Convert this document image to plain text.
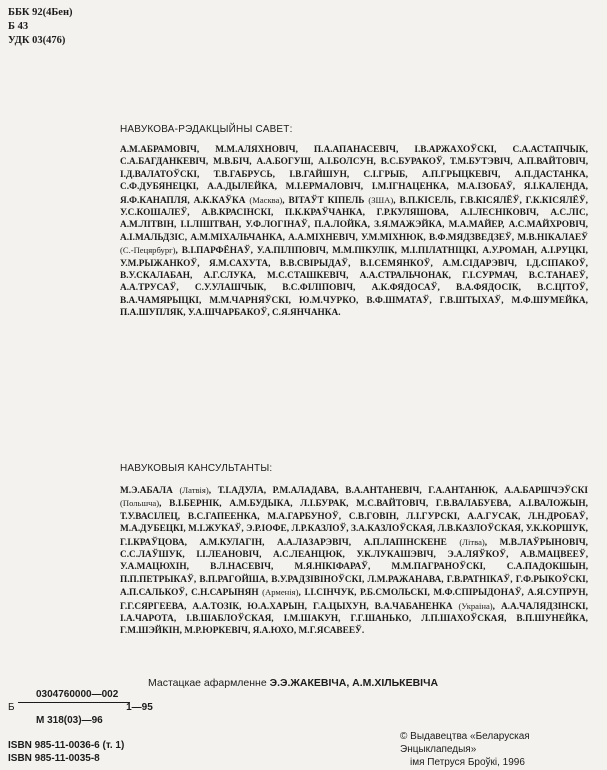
ББК 92(4Бен)
Б 43
УДК 03(476)
НАВУКОВА-РЭДАКЦЫЙНЫ САВЕТ:
А.М.АБРАМОВІЧ, М.М.АЛЯХНОВІЧ, П.А.АПАНАСЕВІЧ, І.В.АРЖАХОЎСКІ, С.А.АСТАПЧЫК, С.А.БАГДАНКЕВІЧ, М.В.БІЧ, А.А.БОГУШ, А.І.БОЛСУН, В.С.БУРАКОЎ, Т.М.БУТЭВІЧ, А.П.ВАЙТОВІЧ, І.Д.ВАЛАТОЎСКІ, Т.В.ГАБРУСЬ, І.В.ГАЙШУН, С.І.ГРЫБ, А.П.ГРЫЦКЕВІЧ, А.П.ДАСТАНКА, С.Ф.ДУБЯНЕЦКІ, А.А.ДЫЛЕЙКА, М.І.ЕРМАЛОВІЧ, І.М.ІГНАЦЕНКА, М.А.ІЗОБАЎ, Я.І.КАЛЕНДА, Я.Ф.КАНАПЛЯ, А.К.КАЎКА (Масква), ВІТАЎТ КІПЕЛЬ (ЗША), В.П.КІСЕЛЬ, Г.В.КІСЯЛЁЎ, Г.К.КІСЯЛЁЎ, У.С.КОШАЛЕЎ, А.В.КРАСІНСКІ, П.К.КРАЎЧАНКА, Г.Р.КУЛЯШОВА, А.І.ЛЕСНІКОВІЧ, А.С.ЛІС, А.М.ЛІТВІН, І.І.ЛІШТВАН, У.Ф.ЛОГІНАЎ, П.А.ЛОЙКА, З.Я.МАЖЭЙКА, М.А.МАЙЕР, А.С.МАЙХРОВІЧ, А.І.МАЛЬДЗІС, А.М.МІХАЛЬЧАНКА, А.А.МІХНЕВІЧ, У.М.МІХНЮК, В.Ф.МЯДЗВЕДЗЕЎ, М.В.НІКАЛАЕЎ (С.-Пецярбург), В.І.ПАРФЁНАЎ, У.А.ПІЛІПОВІЧ, М.М.ПІКУЛІК, М.І.ПІЛАТНІЦКІ, А.У.РОМАН, А.І.РУЦКІ, У.М.РЫЖАНКОЎ, Я.М.САХУТА, В.В.СВІРЫДАЎ, В.І.СЕМЯНКОЎ, А.М.СІДАРЭВІЧ, І.Д.СІПАКОЎ, В.У.СКАЛАБАН, А.Г.СЛУКА, М.С.СТАШКЕВІЧ, А.А.СТРАЛЬЧОНАК, Г.І.СУРМАЧ, В.С.ТАНАЕЎ, А.А.ТРУСАЎ, С.У.УЛАШЧЫК, В.С.ФІЛІПОВІЧ, А.К.ФЯДОСАЎ, В.А.ФЯДОСІК, В.С.ЦІТОЎ, В.А.ЧАМЯРЫЦКІ, М.М.ЧАРНЯЎСКІ, Ю.М.ЧУРКО, В.Ф.ШМАТАЎ, Г.В.ШТЫХАЎ, М.Ф.ШУМЕЙКА, П.А.ШУПЛЯК, У.А.ШЧАРБАКОЎ, С.Я.ЯНЧАНКА.
НАВУКОВЫЯ КАНСУЛЬТАНТЫ:
М.Э.АБАЛА (Латвія), Т.І.АДУЛА, Р.М.АЛАДАВА, В.А.АНТАНЕВІЧ, Г.А.АНТАНЮК, А.А.БАРШЧЭЎСКІ (Польшча), В.І.БЕРНІК, А.М.БУДЫКА, Л.І.БУРАК, М.С.ВАЙТОВІЧ, Г.В.ВАЛАБУЕВА, А.І.ВАЛОЖЫН, Т.У.ВАСІЛЕЦ, В.С.ГАПЕЕНКА, М.А.ГАРБУНОЎ, С.В.ГОВІН, Л.І.ГУРСКІ, А.А.ГУСАК, Л.Н.ДРОБАЎ, М.А.ДУБЕЦКІ, М.І.ЖУКАЎ, Э.Р.ІОФЕ, Л.Р.КАЗЛОЎ, З.А.КАЗЛОЎСКАЯ, Л.В.КАЗЛОЎСКАЯ, У.К.КОРШУК, Г.І.КРАЎЦОВА, А.М.КУЛАГІН, А.А.ЛАЗАРЭВІЧ, А.П.ЛАПІНСКЕНЕ (Літва), М.В.ЛАЎРЫНОВІЧ, С.С.ЛАЎШУК, І.І.ЛЕАНОВІЧ, А.С.ЛЕАНЦЮК, У.К.ЛУКАШЭВІЧ, Э.А.ЛЯЎКОЎ, А.В.МАЦВЕЕЎ, У.А.МАЦЮХІН, В.Л.НАСЕВІЧ, М.Я.НІКІФАРАЎ, М.М.ПАГРАНОЎСКІ, С.А.ПАДОКШЫН, П.П.ПЕТРЫКАЎ, В.П.РАГОЙША, В.У.РАДЗІВІНОЎСКІ, Л.М.РАЖАНАВА, Г.В.РАТНІКАЎ, Г.Ф.РЫКОЎСКІ, А.П.САЛЬКОЎ, С.Н.САРЫНЯН (Арменія), І.І.СІНЧУК, Р.Б.СМОЛЬСКІ, М.Ф.СПІРЫДОНАЎ, А.Я.СУПРУН, Г.Г.СЯРГЕЕВА, А.А.ТОЗІК, Ю.А.ХАРЫН, Г.А.ЦЫХУН, В.А.ЧАБАНЕНКА (Украіна), А.А.ЧАЛЯДЗІНСКІ, І.А.ЧАРОТА, І.В.ШАБЛОЎСКАЯ, І.М.ШАКУН, Г.Г.ШАНЬКО, Л.П.ШАХОЎСКАЯ, В.П.ШУНЕЙКА, Г.М.ШЭЙКІН, М.Р.ЮРКЕВІЧ, Я.А.ЮХО, М.Г.ЯСАВЕЕЎ.
Мастацкае афармленне Э.Э.ЖАКЕВІЧА, А.М.ХІЛЬКЕВІЧА
0304760000—002
Б	1—95
М 318(03)—96
ISBN 985-11-0036-6 (т. 1)
ISBN 985-11-0035-8
© Выдавецтва «Беларуская Энцыклапедыя»
імя Петруся Броўкі, 1996
